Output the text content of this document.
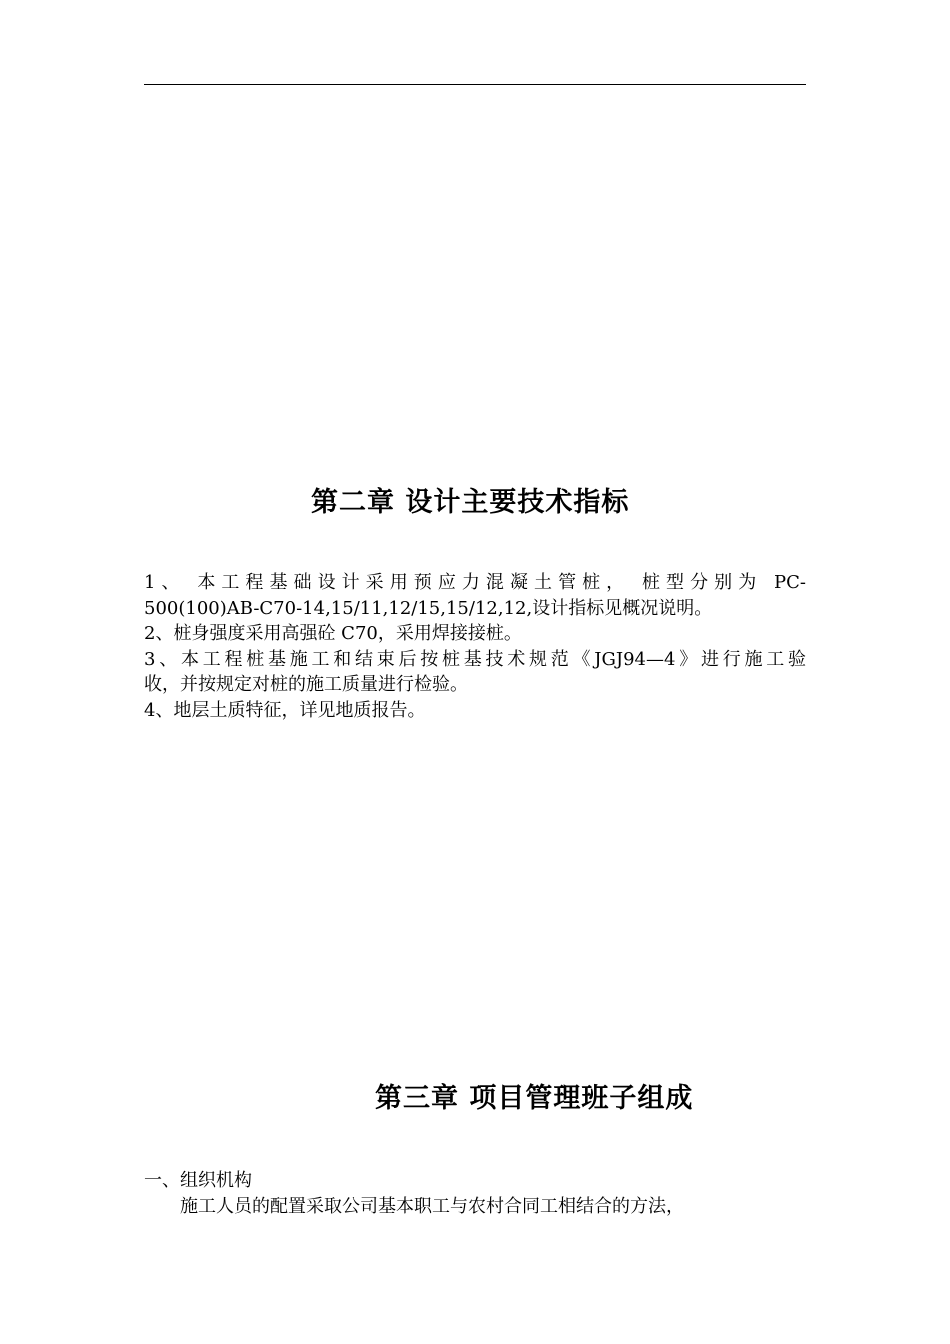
第二章 设计主要技术指标

1、 本工程基础设计采用预应力混凝土管桩， 桩型分别为 PC-
500(100)AB-C70-14,15/11,12/15,15/12,12,设计指标见概况说明。

2、桩身强度采用高强砼 C70，采用焊接接桩。

3、本工程桩基施工和结束后按桩基技术规范《JGJ94—4》进行施工验
收，并按规定对桩的施工质量进行检验。

4、地层土质特征，详见地质报告。

第三章 项目管理班子组成

一、组织机构

施工人员的配置采取公司基本职工与农村合同工相结合的方法，
